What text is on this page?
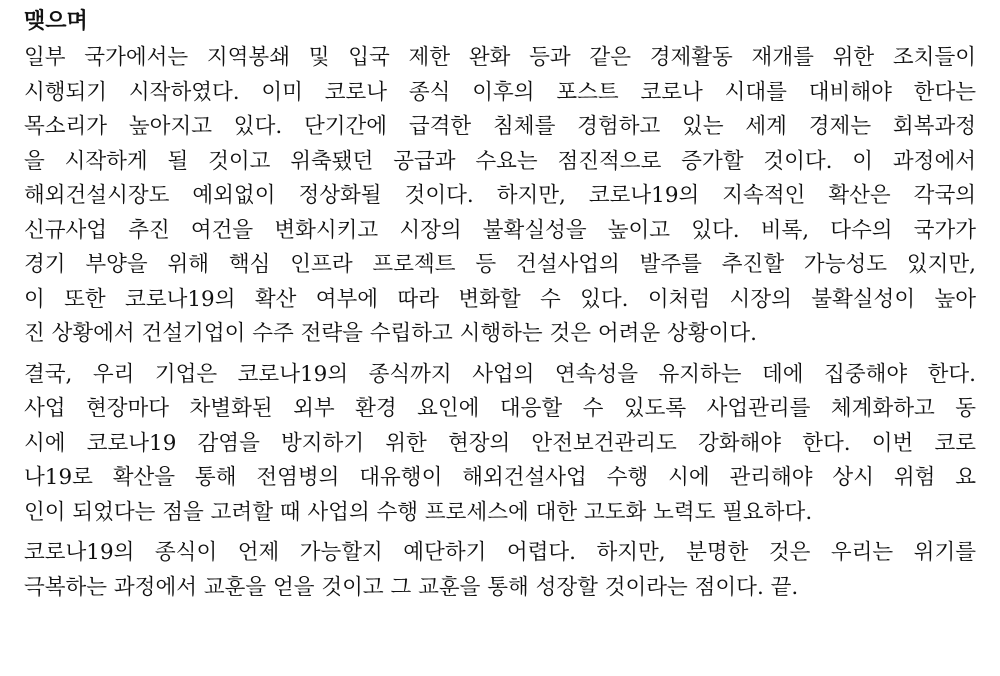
맺으며
일부 국가에서는 지역봉쇄 및 입국 제한 완화 등과 같은 경제활동 재개를 위한 조치들이
시행되기 시작하였다. 이미 코로나 종식 이후의 포스트 코로나 시대를 대비해야 한다는
목소리가 높아지고 있다. 단기간에 급격한 침체를 경험하고 있는 세계 경제는 회복과정
을 시작하게 될 것이고 위축됐던 공급과 수요는 점진적으로 증가할 것이다. 이 과정에서
해외건설시장도 예외없이 정상화될 것이다. 하지만, 코로나19의 지속적인 확산은 각국의
신규사업 추진 여건을 변화시키고 시장의 불확실성을 높이고 있다. 비록, 다수의 국가가
경기 부양을 위해 핵심 인프라 프로젝트 등 건설사업의 발주를 추진할 가능성도 있지만,
이 또한 코로나19의 확산 여부에 따라 변화할 수 있다. 이처럼 시장의 불확실성이 높아
진 상황에서 건설기업이 수주 전략을 수립하고 시행하는 것은 어려운 상황이다.
결국, 우리 기업은 코로나19의 종식까지 사업의 연속성을 유지하는 데에 집중해야 한다.
사업 현장마다 차별화된 외부 환경 요인에 대응할 수 있도록 사업관리를 체계화하고 동
시에 코로나19 감염을 방지하기 위한 현장의 안전보건관리도 강화해야 한다. 이번 코로
나19로 확산을 통해 전염병의 대유행이 해외건설사업 수행 시에 관리해야 상시 위험 요
인이 되었다는 점을 고려할 때 사업의 수행 프로세스에 대한 고도화 노력도 필요하다.
코로나19의 종식이 언제 가능할지 예단하기 어렵다. 하지만, 분명한 것은 우리는 위기를
극복하는 과정에서 교훈을 얻을 것이고 그 교훈을 통해 성장할 것이라는 점이다. 끝.
